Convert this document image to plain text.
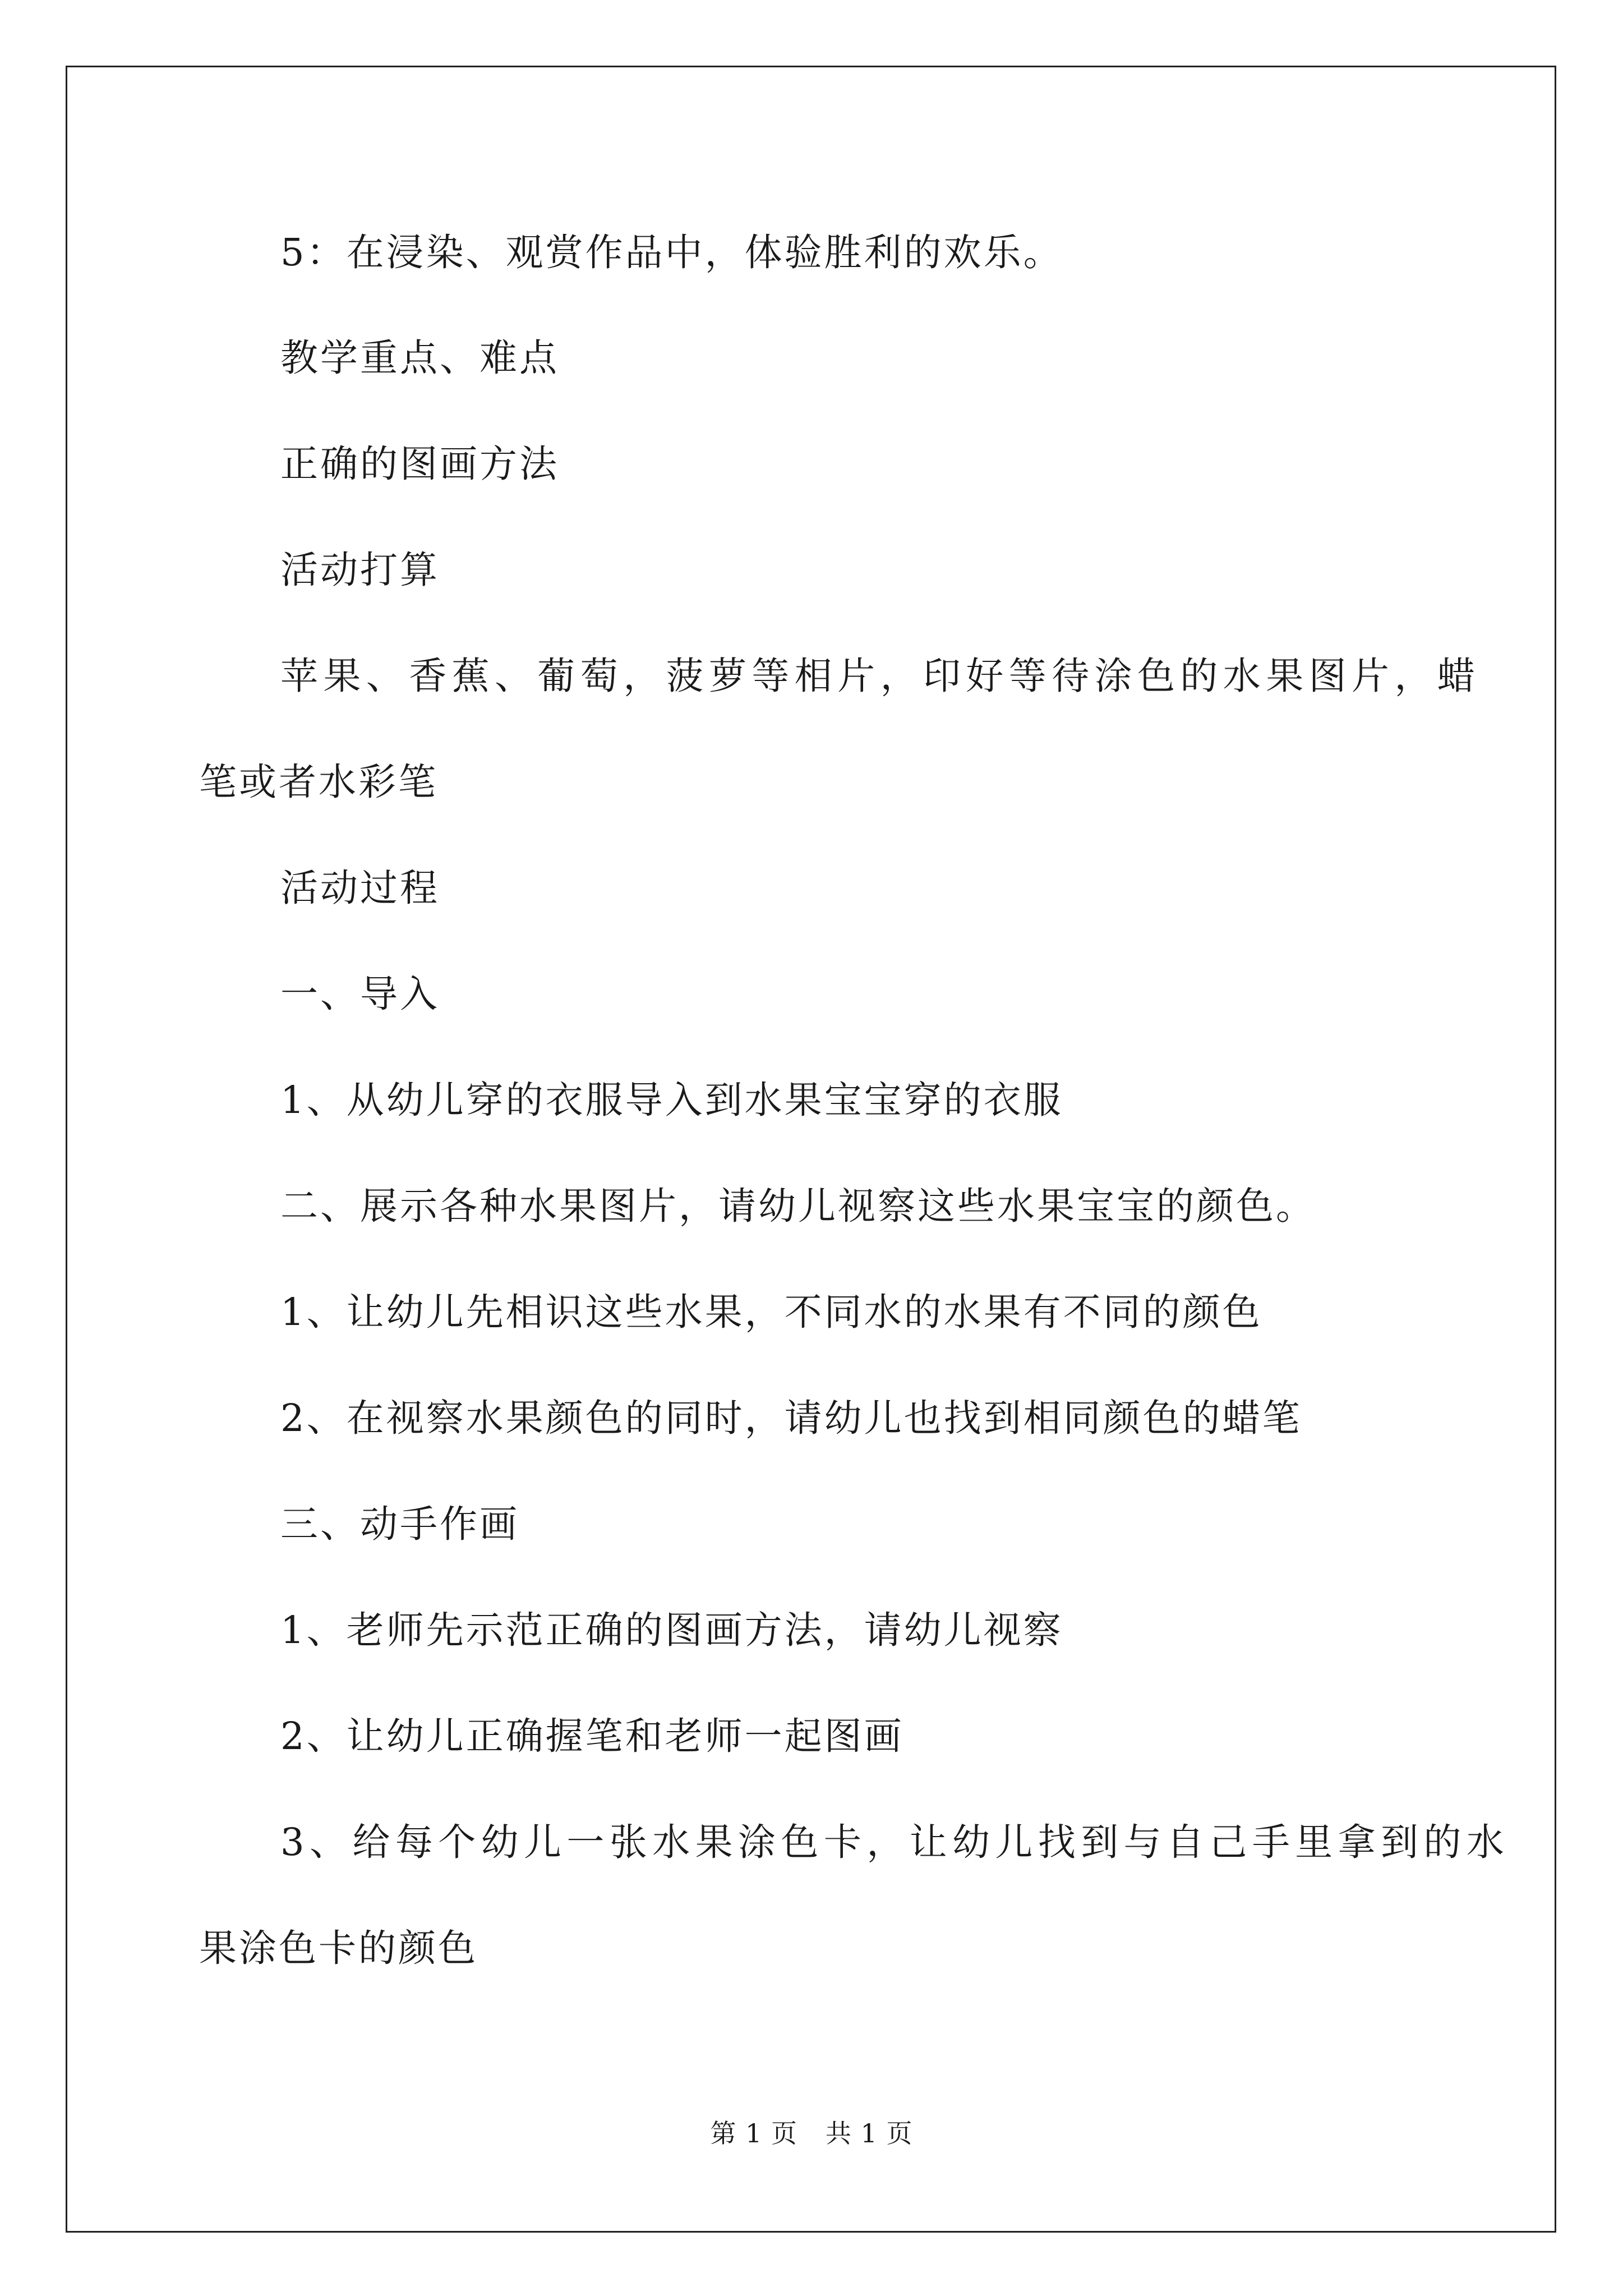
5：在浸染、观赏作品中，体验胜利的欢乐。

教学重点、难点

正确的图画方法

活动打算

苹果、香蕉、葡萄，菠萝等相片，印好等待涂色的水果图片，蜡

笔或者水彩笔

活动过程

一、导入

1、从幼儿穿的衣服导入到水果宝宝穿的衣服

二、展示各种水果图片，请幼儿视察这些水果宝宝的颜色。

1、让幼儿先相识这些水果，不同水的水果有不同的颜色

2、在视察水果颜色的同时，请幼儿也找到相同颜色的蜡笔

三、动手作画

1、老师先示范正确的图画方法，请幼儿视察

2、让幼儿正确握笔和老师一起图画

3、给每个幼儿一张水果涂色卡，让幼儿找到与自己手里拿到的水

果涂色卡的颜色

第 1 页 共 1 页
